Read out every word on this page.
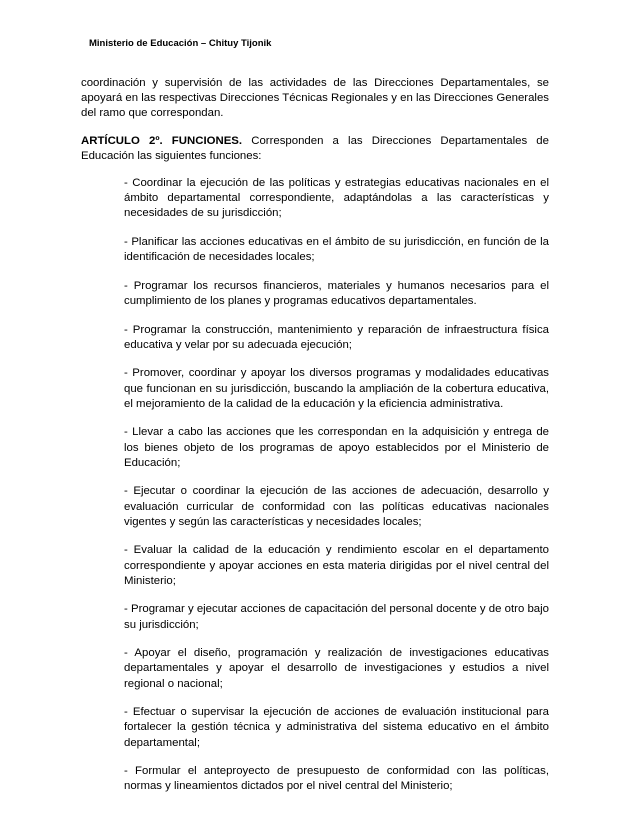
Ministerio de Educación – Chituy Tijonik

coordinación y supervisión de las actividades de las Direcciones Departamentales, se apoyará en las respectivas Direcciones Técnicas Regionales y en las Direcciones Generales del ramo que correspondan.

ARTÍCULO 2º. FUNCIONES. Corresponden a las Direcciones Departamentales de Educación las siguientes funciones:

- Coordinar la ejecución de las políticas y estrategias educativas nacionales en el ámbito departamental correspondiente, adaptándolas a las características y necesidades de su jurisdicción;

- Planificar las acciones educativas en el ámbito de su jurisdicción, en función de la identificación de necesidades locales;

- Programar los recursos financieros, materiales y humanos necesarios para el cumplimiento de los planes y programas educativos departamentales.

- Programar la construcción, mantenimiento y reparación de infraestructura física educativa y velar por su adecuada ejecución;

- Promover, coordinar y apoyar los diversos programas y modalidades educativas que funcionan en su jurisdicción, buscando la ampliación de la cobertura educativa, el mejoramiento de la calidad de la educación y la eficiencia administrativa.

- Llevar a cabo las acciones que les correspondan en la adquisición y entrega de los bienes objeto de los programas de apoyo establecidos por el Ministerio de Educación;

- Ejecutar o coordinar la ejecución de las acciones de adecuación, desarrollo y evaluación curricular de conformidad con las políticas educativas nacionales vigentes y según las características y necesidades locales;

- Evaluar la calidad de la educación y rendimiento escolar en el departamento correspondiente y apoyar acciones en esta materia dirigidas por el nivel central del Ministerio;

- Programar y ejecutar acciones de capacitación del personal docente y de otro bajo su jurisdicción;

- Apoyar el diseño, programación y realización de investigaciones educativas departamentales y apoyar el desarrollo de investigaciones y estudios a nivel regional o nacional;

- Efectuar o supervisar la ejecución de acciones de evaluación institucional para fortalecer la gestión técnica y administrativa del sistema educativo en el ámbito departamental;

- Formular el anteproyecto de presupuesto de conformidad con las políticas, normas y lineamientos dictados por el nivel central del Ministerio;
